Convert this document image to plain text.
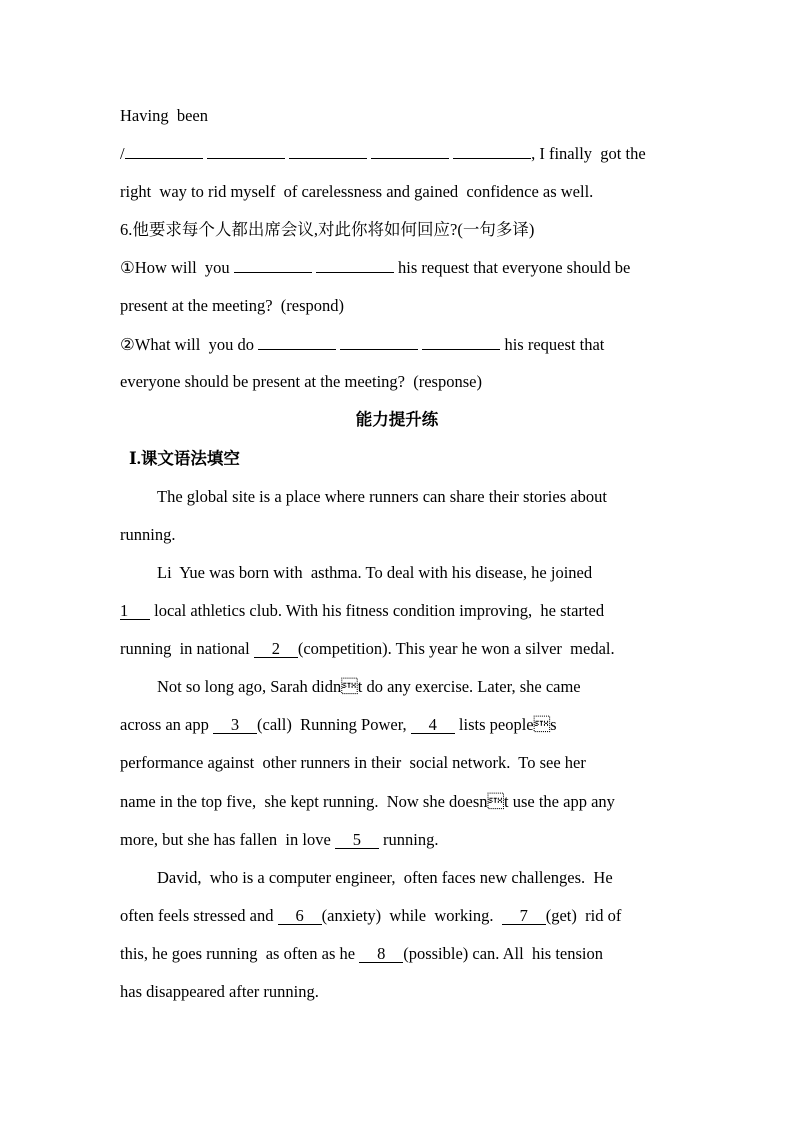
Having  been
/	, I finally  got the
right  way to rid myself  of carelessness and gained  confidence as well.
6.他要求每个人都出席会议,对此你将如何回应?(一句多译)
①How will  you	his request that everyone should be
present at the meeting?  (respond)
②What will  you do	his request that
everyone should be present at the meeting?  (response)
能力提升练
Ⅰ.课文语法填空
The global site is a place where runners can share their stories about
running.
Li  Yue was born with  asthma. To deal with his disease, he joined
1 local athletics club. With his fitness condition improving,  he started
running  in national 2 (competition). This year he won a silver  medal.
Not so long ago, Sarah didnt do any exercise. Later, she came
across an app 3 (call)  Running Power, 4 lists peoples
performance against  other runners in their  social network.  To see her
name in the top five,  she kept running.  Now she doesnt use the app any
more, but she has fallen  in love 5 running.
David,  who is a computer engineer,  often faces new challenges.  He
often feels stressed and 6 (anxiety)  while  working.  7 (get)  rid of
this, he goes running  as often as he 8 (possible) can. All  his tension
has disappeared after running.
